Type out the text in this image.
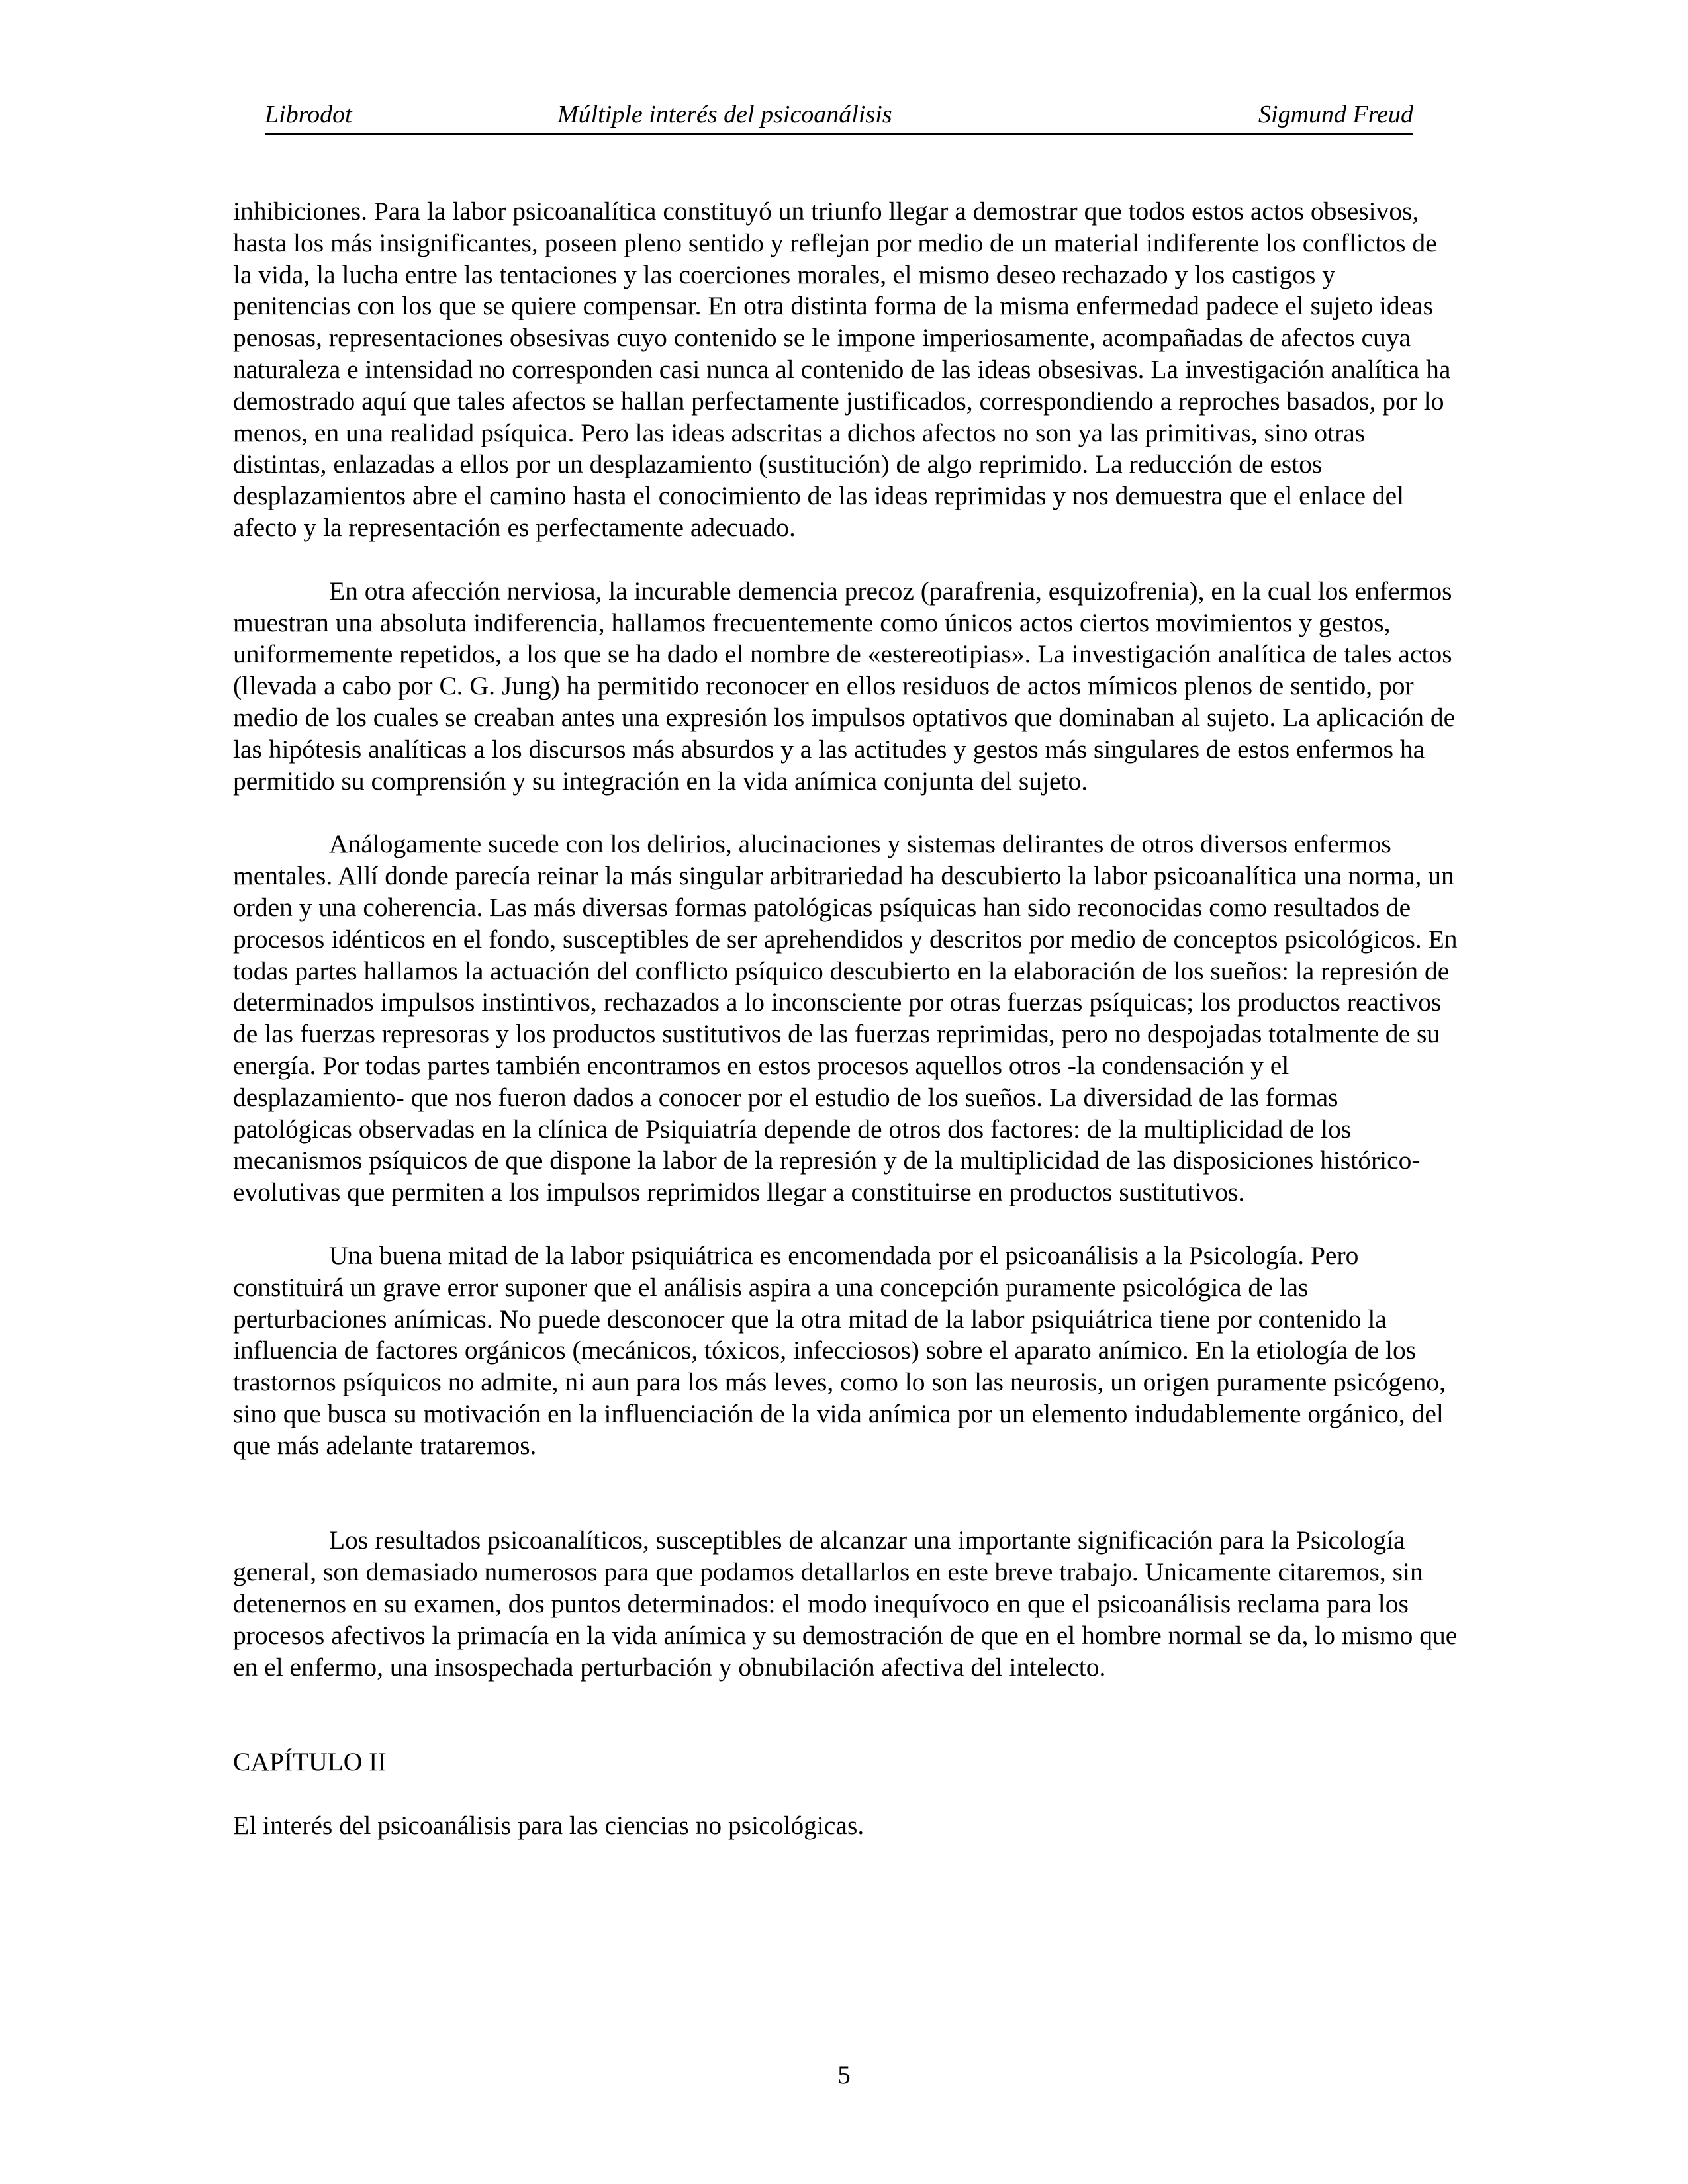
Librodot	Múltiple interés del psicoanálisis	Sigmund Freud

inhibiciones. Para la labor psicoanalítica constituyó un triunfo llegar a demostrar que todos estos actos obsesivos, hasta los más insignificantes, poseen pleno sentido y reflejan por medio de un material indiferente los conflictos de la vida, la lucha entre las tentaciones y las coerciones morales, el mismo deseo rechazado y los castigos y penitencias con los que se quiere compensar. En otra distinta forma de la misma enfermedad padece el sujeto ideas penosas, representaciones obsesivas cuyo contenido se le impone imperiosamente, acompañadas de afectos cuya naturaleza e intensidad no corresponden casi nunca al contenido de las ideas obsesivas. La investigación analítica ha demostrado aquí que tales afectos se hallan perfectamente justificados, correspondiendo a reproches basados, por lo menos, en una realidad psíquica. Pero las ideas adscritas a dichos afectos no son ya las primitivas, sino otras distintas, enlazadas a ellos por un desplazamiento (sustitución) de algo reprimido. La reducción de estos desplazamientos abre el camino hasta el conocimiento de las ideas reprimidas y nos demuestra que el enlace del afecto y la representación es perfectamente adecuado.

En otra afección nerviosa, la incurable demencia precoz (parafrenia, esquizofrenia), en la cual los enfermos muestran una absoluta indiferencia, hallamos frecuentemente como únicos actos ciertos movimientos y gestos, uniformemente repetidos, a los que se ha dado el nombre de «estereotipias». La investigación analítica de tales actos (llevada a cabo por C. G. Jung) ha permitido reconocer en ellos residuos de actos mímicos plenos de sentido, por medio de los cuales se creaban antes una expresión los impulsos optativos que dominaban al sujeto. La aplicación de las hipótesis analíticas a los discursos más absurdos y a las actitudes y gestos más singulares de estos enfermos ha permitido su comprensión y su integración en la vida anímica conjunta del sujeto.

Análogamente sucede con los delirios, alucinaciones y sistemas delirantes de otros diversos enfermos mentales. Allí donde parecía reinar la más singular arbitrariedad ha descubierto la labor psicoanalítica una norma, un orden y una coherencia. Las más diversas formas patológicas psíquicas han sido reconocidas como resultados de procesos idénticos en el fondo, susceptibles de ser aprehendidos y descritos por medio de conceptos psicológicos. En todas partes hallamos la actuación del conflicto psíquico descubierto en la elaboración de los sueños: la represión de determinados impulsos instintivos, rechazados a lo inconsciente por otras fuerzas psíquicas; los productos reactivos de las fuerzas represoras y los productos sustitutivos de las fuerzas reprimidas, pero no despojadas totalmente de su energía. Por todas partes también encontramos en estos procesos aquellos otros -la condensación y el desplazamiento- que nos fueron dados a conocer por el estudio de los sueños. La diversidad de las formas patológicas observadas en la clínica de Psiquiatría depende de otros dos factores: de la multiplicidad de los mecanismos psíquicos de que dispone la labor de la represión y de la multiplicidad de las disposiciones histórico-evolutivas que permiten a los impulsos reprimidos llegar a constituirse en productos sustitutivos.

Una buena mitad de la labor psiquiátrica es encomendada por el psicoanálisis a la Psicología. Pero constituirá un grave error suponer que el análisis aspira a una concepción puramente psicológica de las perturbaciones anímicas. No puede desconocer que la otra mitad de la labor psiquiátrica tiene por contenido la influencia de factores orgánicos (mecánicos, tóxicos, infecciosos) sobre el aparato anímico. En la etiología de los trastornos psíquicos no admite, ni aun para los más leves, como lo son las neurosis, un origen puramente psicógeno, sino que busca su motivación en la influenciación de la vida anímica por un elemento indudablemente orgánico, del que más adelante trataremos.

Los resultados psicoanalíticos, susceptibles de alcanzar una importante significación para la Psicología general, son demasiado numerosos para que podamos detallarlos en este breve trabajo. Unicamente citaremos, sin detenernos en su examen, dos puntos determinados: el modo inequívoco en que el psicoanálisis reclama para los procesos afectivos la primacía en la vida anímica y su demostración de que en el hombre normal se da, lo mismo que en el enfermo, una insospechada perturbación y obnubilación afectiva del intelecto.

CAPÍTULO II

El interés del psicoanálisis para las ciencias no psicológicas.

5
